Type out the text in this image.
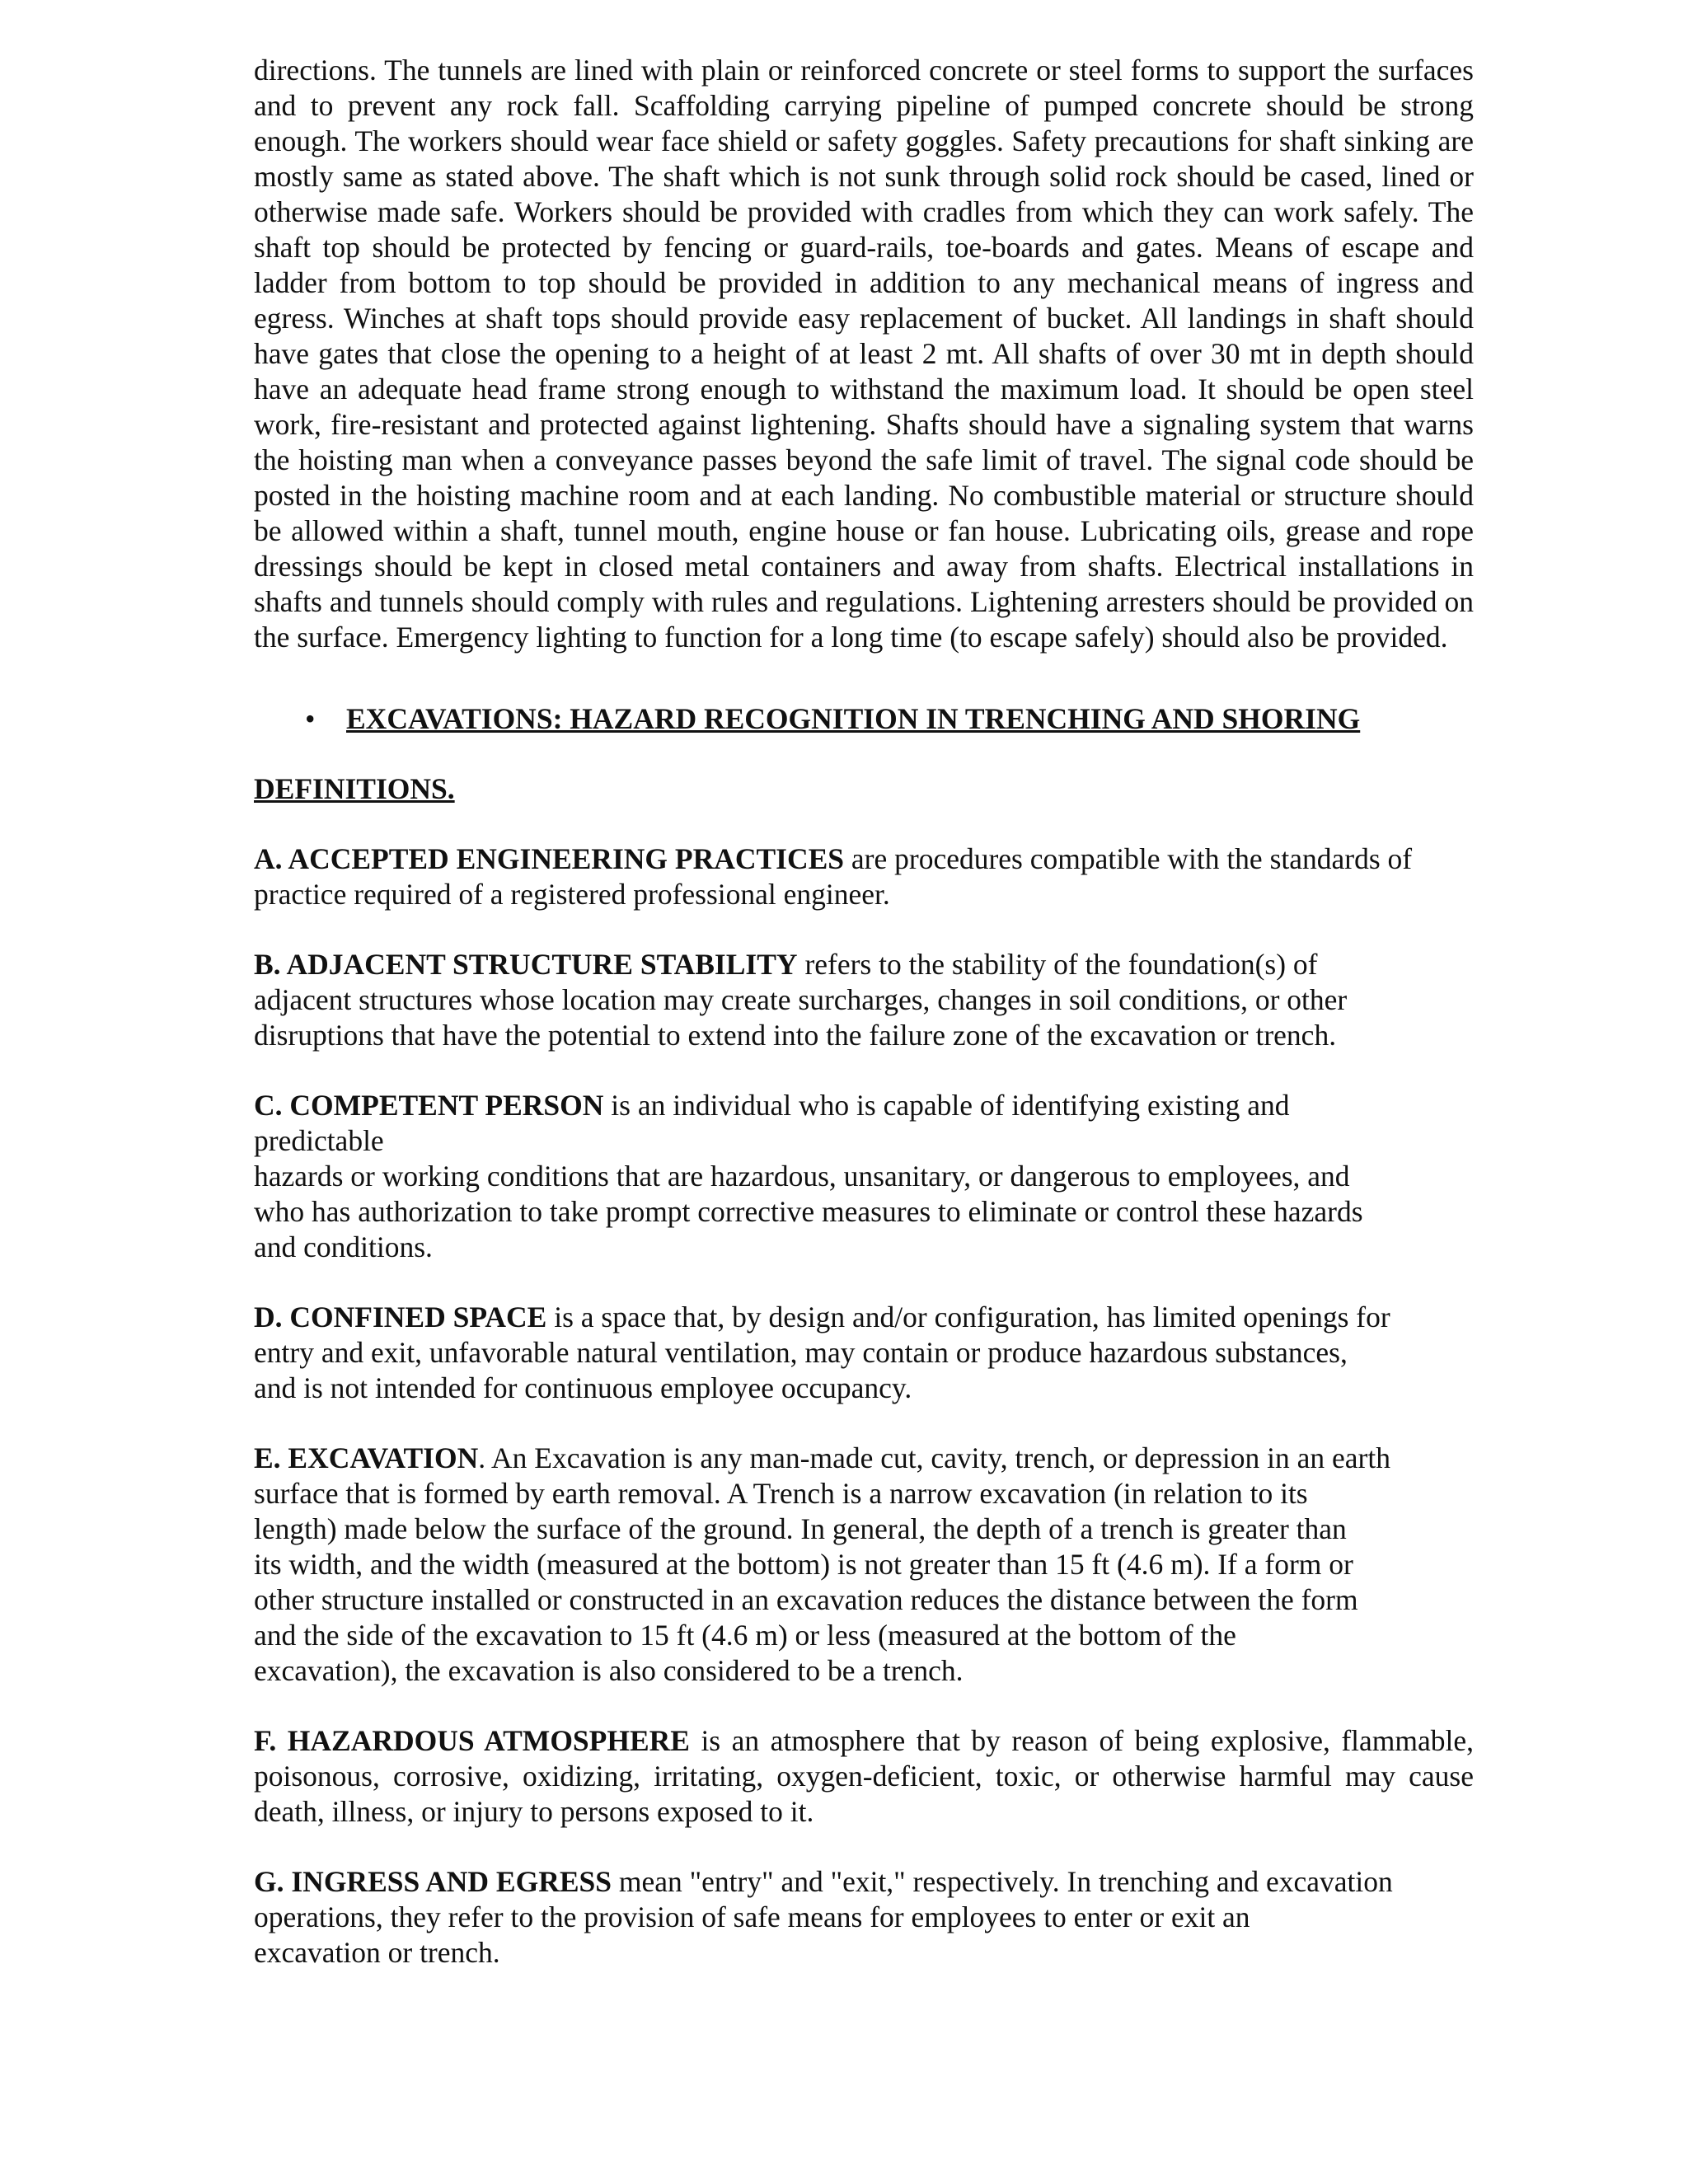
directions. The tunnels are lined with plain or reinforced concrete or steel forms to support the surfaces and to prevent any rock fall. Scaffolding carrying pipeline of pumped concrete should be strong enough. The workers should wear face shield or safety goggles. Safety precautions for shaft sinking are mostly same as stated above. The shaft which is not sunk through solid rock should be cased, lined or otherwise made safe. Workers should be provided with cradles from which they can work safely. The shaft top should be protected by fencing or guard-rails, toe-boards and gates. Means of escape and ladder from bottom to top should be provided in addition to any mechanical means of ingress and egress. Winches at shaft tops should provide easy replacement of bucket. All landings in shaft should have gates that close the opening to a height of at least 2 mt. All shafts of over 30 mt in depth should have an adequate head frame strong enough to withstand the maximum load. It should be open steel work, fire-resistant and protected against lightening. Shafts should have a signaling system that warns the hoisting man when a conveyance passes beyond the safe limit of travel. The signal code should be posted in the hoisting machine room and at each landing. No combustible material or structure should be allowed within a shaft, tunnel mouth, engine house or fan house. Lubricating oils, grease and rope dressings should be kept in closed metal containers and away from shafts. Electrical installations in shafts and tunnels should comply with rules and regulations. Lightening arresters should be provided on the surface. Emergency lighting to function for a long time (to escape safely) should also be provided.

• EXCAVATIONS: HAZARD RECOGNITION IN TRENCHING AND SHORING

DEFINITIONS.

A. ACCEPTED ENGINEERING PRACTICES are procedures compatible with the standards of
practice required of a registered professional engineer.

B. ADJACENT STRUCTURE STABILITY refers to the stability of the foundation(s) of
adjacent structures whose location may create surcharges, changes in soil conditions, or other
disruptions that have the potential to extend into the failure zone of the excavation or trench.

C. COMPETENT PERSON is an individual who is capable of identifying existing and
predictable
hazards or working conditions that are hazardous, unsanitary, or dangerous to employees, and
who has authorization to take prompt corrective measures to eliminate or control these hazards
and conditions.

D. CONFINED SPACE is a space that, by design and/or configuration, has limited openings for
entry and exit, unfavorable natural ventilation, may contain or produce hazardous substances,
and is not intended for continuous employee occupancy.

E. EXCAVATION. An Excavation is any man-made cut, cavity, trench, or depression in an earth
surface that is formed by earth removal. A Trench is a narrow excavation (in relation to its
length) made below the surface of the ground. In general, the depth of a trench is greater than
its width, and the width (measured at the bottom) is not greater than 15 ft (4.6 m). If a form or
other structure installed or constructed in an excavation reduces the distance between the form
and the side of the excavation to 15 ft (4.6 m) or less (measured at the bottom of the
excavation), the excavation is also considered to be a trench.

F. HAZARDOUS ATMOSPHERE is an atmosphere that by reason of being explosive, flammable, poisonous, corrosive, oxidizing, irritating, oxygen-deficient, toxic, or otherwise harmful may cause death, illness, or injury to persons exposed to it.

G. INGRESS AND EGRESS mean "entry" and "exit," respectively. In trenching and excavation
operations, they refer to the provision of safe means for employees to enter or exit an
excavation or trench.
